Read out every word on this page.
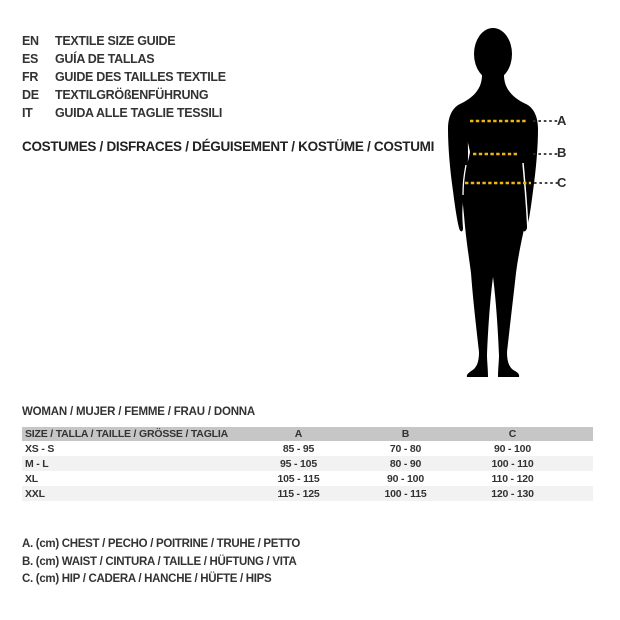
EN	TEXTILE SIZE GUIDE
ES	GUÍA DE TALLAS
FR	GUIDE DES TAILLES TEXTILE
DE	TEXTILGRÖßENFÜHRUNG
IT	GUIDA ALLE TAGLIE TESSILI
COSTUMES / DISFRACES / DÉGUISEMENT / KOSTÜME / COSTUMI
A
B
C
WOMAN / MUJER / FEMME / FRAU / DONNA
SIZE / TALLA / TAILLE / GRÖSSE / TAGLIA	A	B	C	
XS - S	85 - 95	70 - 80	90 - 100	
M - L	95 - 105	80 - 90	100 - 110	
XL	105 - 115	90 - 100	110 - 120	
XXL	115 - 125	100 - 115	120 - 130	
A. (cm) CHEST / PECHO / POITRINE / TRUHE / PETTO
B. (cm) WAIST / CINTURA / TAILLE / HÜFTUNG / VITA
C. (cm) HIP / CADERA / HANCHE / HÜFTE / HIPS
